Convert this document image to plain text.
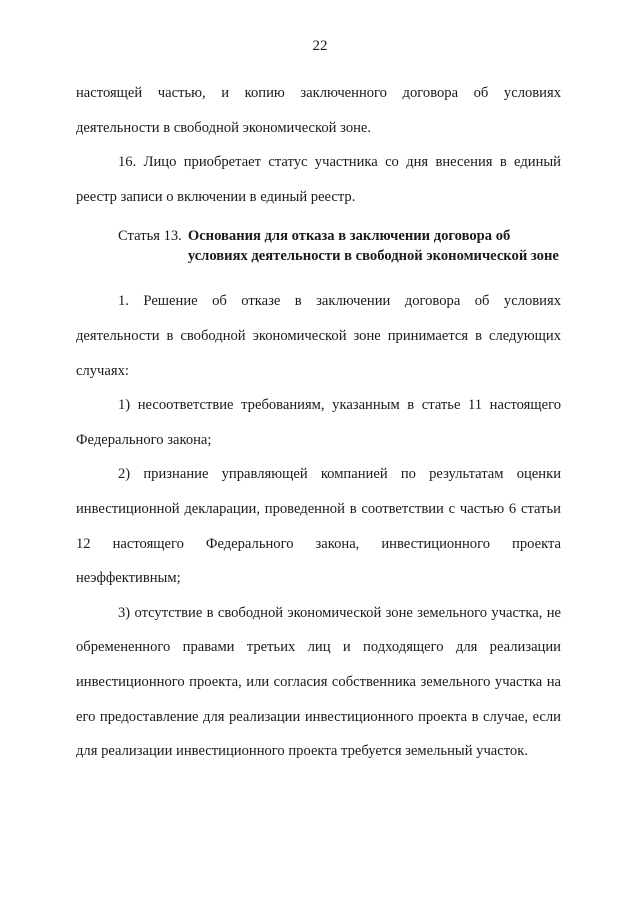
22

настоящей частью, и копию заключенного договора об условиях деятельности в свободной экономической зоне.

16. Лицо приобретает статус участника со дня внесения в единый реестр записи о включении в единый реестр.

Статья 13. Основания для отказа в заключении договора об условиях деятельности в свободной экономической зоне

1. Решение об отказе в заключении договора об условиях деятельности в свободной экономической зоне принимается в следующих случаях:

1) несоответствие требованиям, указанным в статье 11 настоящего Федерального закона;

2) признание управляющей компанией по результатам оценки инвестиционной декларации, проведенной в соответствии с частью 6 статьи 12 настоящего Федерального закона, инвестиционного проекта неэффективным;

3) отсутствие в свободной экономической зоне земельного участка, не обремененного правами третьих лиц и подходящего для реализации инвестиционного проекта, или согласия собственника земельного участка на его предоставление для реализации инвестиционного проекта в случае, если для реализации инвестиционного проекта требуется земельный участок.
